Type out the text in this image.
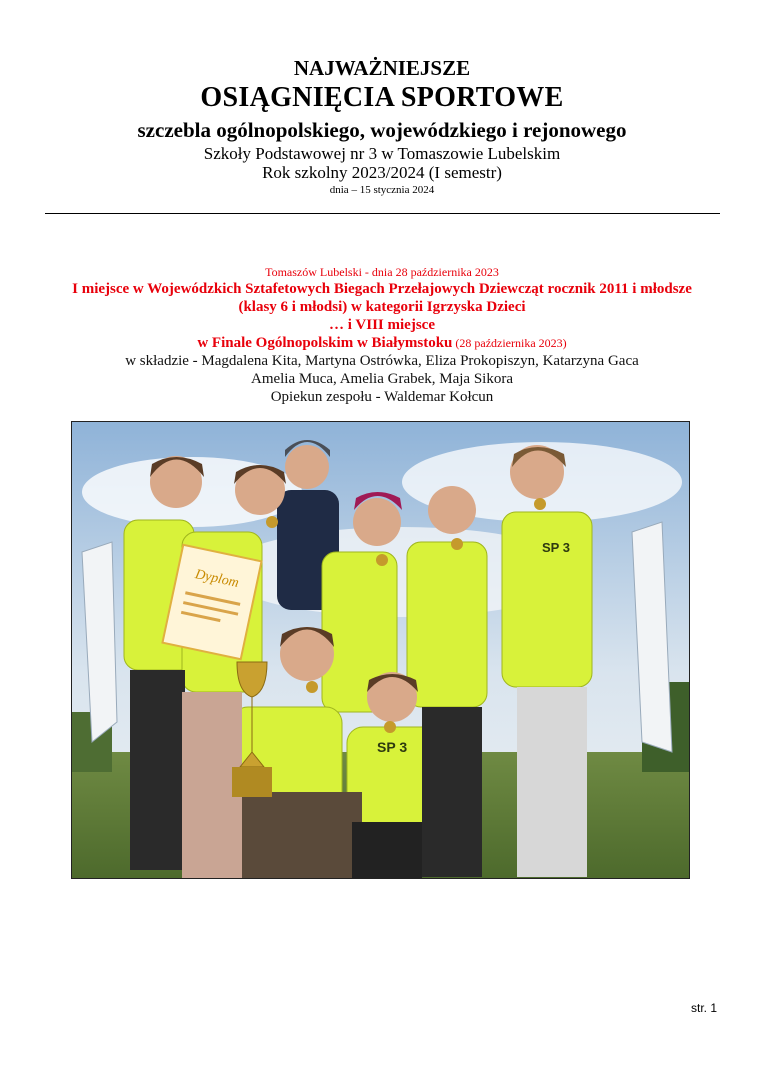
NAJWAŻNIEJSZE
OSIĄGNIĘCIA SPORTOWE
szczebla ogólnopolskiego, wojewódzkiego i rejonowego
Szkoły Podstawowej nr 3 w Tomaszowie Lubelskim
Rok szkolny 2023/2024 (I semestr)
dnia – 15 stycznia 2024
Tomaszów Lubelski - dnia 28 października 2023
I miejsce w Wojewódzkich Sztafetowych Biegach Przełajowych Dziewcząt rocznik 2011 i młodsze
(klasy 6 i młodsi) w kategorii Igrzyska Dzieci
… i VIII miejsce
w Finale Ogólnopolskim w Białymstoku (28 października 2023)
w składzie - Magdalena Kita, Martyna Ostrówka, Eliza Prokopiszyn, Katarzyna Gaca
Amelia Muca, Amelia Grabek, Maja Sikora
Opiekun zespołu - Waldemar Kołcun
Dyplom
SP 3
SP 3
str. 1
